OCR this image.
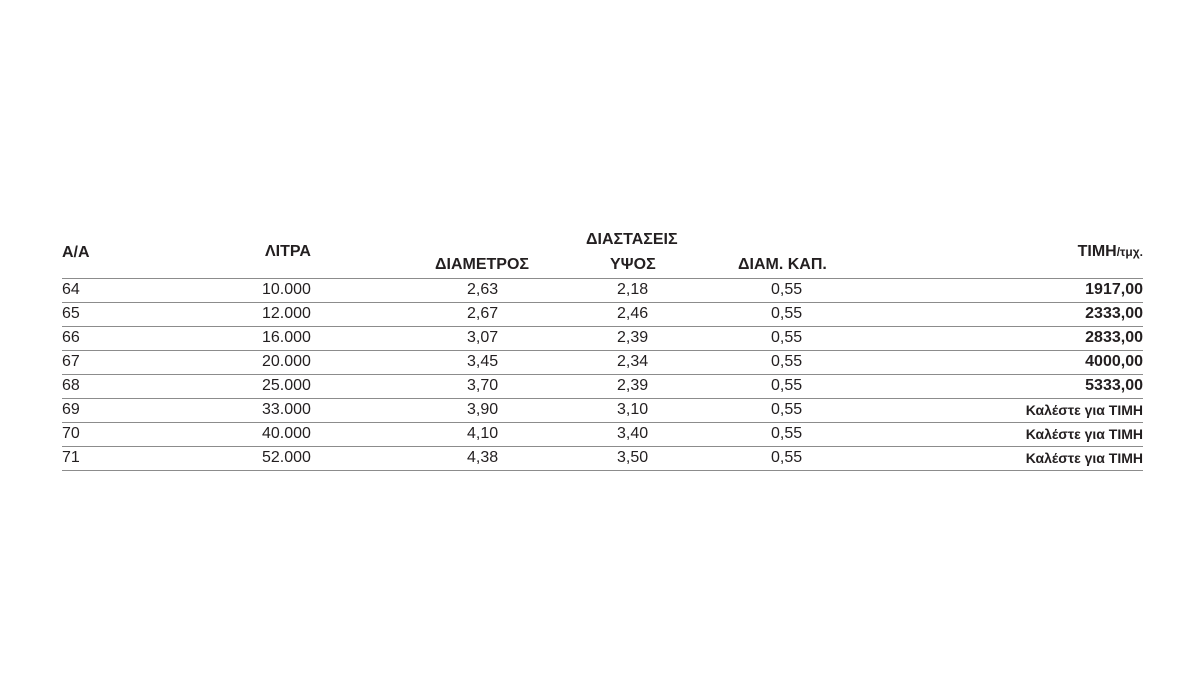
Α/Α	ΛΙΤΡΑ
ΔΙΑΣΤΑΣΕΙΣ
ΔΙΑΜΕΤΡΟΣ	ΥΨΟΣ	ΔΙΑΜ. ΚΑΠ.
ΤΙΜΗ/τμχ.
64	10.000	2,63	2,18	0,55	1917,00
65	12.000	2,67	2,46	0,55	2333,00
66	16.000	3,07	2,39	0,55	2833,00
67	20.000	3,45	2,34	0,55	4000,00
68	25.000	3,70	2,39	0,55	5333,00
69	33.000	3,90	3,10	0,55	Καλέστε για ΤΙΜΗ
70	40.000	4,10	3,40	0,55	Καλέστε για ΤΙΜΗ
71	52.000	4,38	3,50	0,55	Καλέστε για ΤΙΜΗ
